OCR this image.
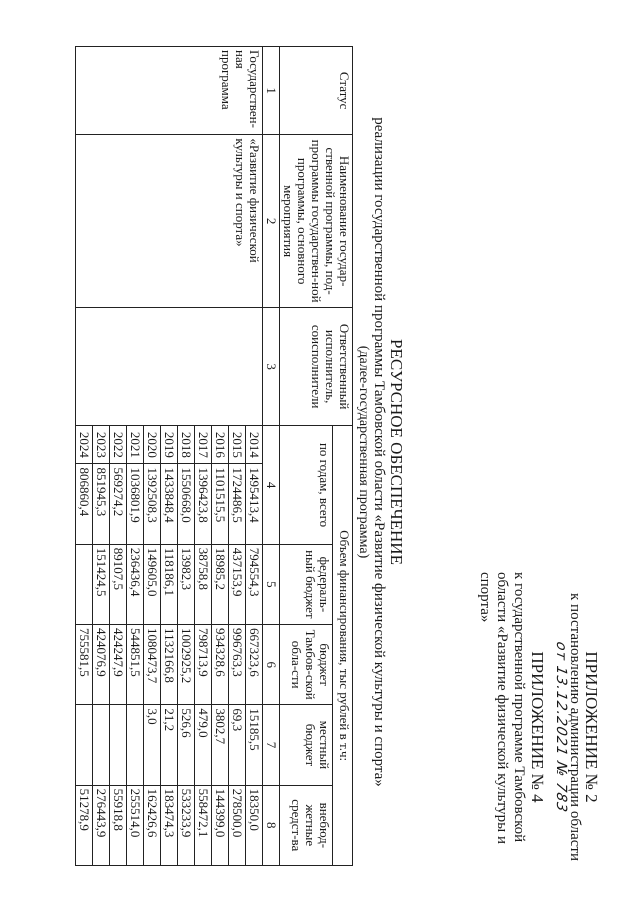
ПРИЛОЖЕНИЕ № 2
к постановлению администрации области
от 13.12.2021 № 783
ПРИЛОЖЕНИЕ № 4
к государственной программе Тамбовской области «Развитие физической культуры и спорта»
РЕСУРСНОЕ ОБЕСПЕЧЕНИЕ
реализации государственной программы Тамбовской области «Развитие физической культуры и спорта»
(далее-государственная программа)
Статус	Наименование государ-ственной программы, под-программы государствен-ной программы, основного мероприятия	Ответственный исполнитель, соисполнители	Объем финансирования, тыс рублей в т.ч:					
			по годам, всего		федераль-ный бюджет	бюджет Тамбов-ской обла-сти	местный бюджет	внебюд-жетные средст-ва
1	2	3	4		5	6	7	8
Государствен-ная программа	«Развитие физической культуры и спорта»		2014	1495413,4	794554,3	667323,6	15185,5	18350,0
			2015	1724486,5	437153,9	996763,3	69,3	278500,0
			2016	1101515,5	18985,2	934328,6	3802,7	144399,0
			2017	1396423,8	38758,8	798713,9	479,0	558472,1
			2018	1550668,0	13982,3	1002925,2	526,6	533233,9
			2019	1433848,4	118186,1	1132166,8	21,2	183474,3
			2020	1392508,3	149605,0	1080473,7	3,0	162426,6
			2021	1036801,9	236436,4	544851,5		255514,0
			2022	569274,2	89107,5	424247,9		55918,8
			2023	851945,3	151424,5	424076,9		276443,9
			2024	806860,4		755581,5		51278,9
